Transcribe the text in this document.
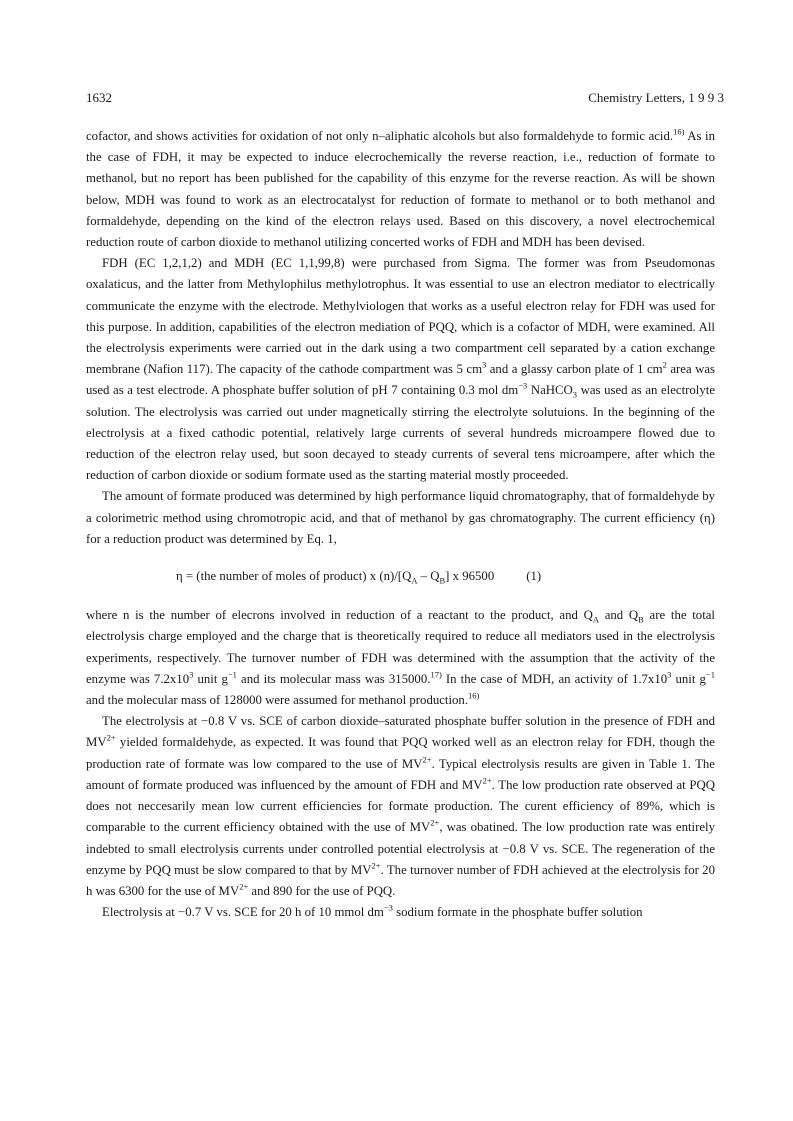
1632	Chemistry Letters, 1 9 9 3

cofactor, and shows activities for oxidation of not only n–aliphatic alcohols but also formaldehyde to formic acid.$^{16)}$ As in the case of FDH, it may be expected to induce elecrochemically the reverse reaction, i.e., reduction of formate to methanol, but no report has been published for the capability of this enzyme for the reverse reaction. As will be shown below, MDH was found to work as an electrocatalyst for reduction of formate to methanol or to both methanol and formaldehyde, depending on the kind of the electron relays used. Based on this discovery, a novel electrochemical reduction route of carbon dioxide to methanol utilizing concerted works of FDH and MDH has been devised.

FDH (EC 1,2,1,2) and MDH (EC 1,1,99,8) were purchased from Sigma. The former was from Pseudomonas oxalaticus, and the latter from Methylophilus methylotrophus. It was essential to use an electron mediator to electrically communicate the enzyme with the electrode. Methylviologen that works as a useful electron relay for FDH was used for this purpose. In addition, capabilities of the electron mediation of PQQ, which is a cofactor of MDH, were examined. All the electrolysis experiments were carried out in the dark using a two compartment cell separated by a cation exchange membrane (Nafion 117). The capacity of the cathode compartment was 5 $cm^3$ and a glassy carbon plate of 1 $cm^2$ area was used as a test electrode. A phosphate buffer solution of pH 7 containing 0.3 mol $dm^{-3}$ NaHCO$_3$ was used as an electrolyte solution. The electrolysis was carried out under magnetically stirring the electrolyte solutuions. In the beginning of the electrolysis at a fixed cathodic potential, relatively large currents of several hundreds microampere flowed due to reduction of the electron relay used, but soon decayed to steady currents of several tens microampere, after which the reduction of carbon dioxide or sodium formate used as the starting material mostly proceeded.

The amount of formate produced was determined by high performance liquid chromatography, that of formaldehyde by a colorimetric method using chromotropic acid, and that of methanol by gas chromatography. The current efficiency (η) for a reduction product was determined by Eq. 1,

η = (the number of moles of product) x $(n)/[Q_A - Q_B]$ x 96500	(1)

where n is the number of elecrons involved in reduction of a reactant to the product, and $Q_A$ and $Q_B$ are the total electrolysis charge employed and the charge that is theoretically required to reduce all mediators used in the electrolysis experiments, respectively. The turnover number of FDH was determined with the assumption that the activity of the enzyme was $7.2x10^3$ unit $g^{-1}$ and its molecular mass was 315000.$^{17)}$ In the case of MDH, an activity of $1.7x10^3$ unit $g^{-1}$ and the molecular mass of 128000 were assumed for methanol production.$^{16)}$

The electrolysis at −0.8 V vs. SCE of carbon dioxide–saturated phosphate buffer solution in the presence of FDH and $MV^{2+}$ yielded formaldehyde, as expected. It was found that PQQ worked well as an electron relay for FDH, though the production rate of formate was low compared to the use of $MV^{2+}$. Typical electrolysis results are given in Table 1. The amount of formate produced was influenced by the amount of FDH and $MV^{2+}$. The low production rate observed at PQQ does not neccesarily mean low current efficiencies for formate production. The curent efficiency of 89%, which is comparable to the current efficiency obtained with the use of $MV^{2+}$, was obatined. The low production rate was entirely indebted to small electrolysis currents under controlled potential electrolysis at −0.8 V vs. SCE. The regeneration of the enzyme by PQQ must be slow compared to that by $MV^{2+}$. The turnover number of FDH achieved at the electrolysis for 20 h was 6300 for the use of $MV^{2+}$ and 890 for the use of PQQ.

Electrolysis at −0.7 V vs. SCE for 20 h of 10 mmol $dm^{-3}$ sodium formate in the phosphate buffer solution
